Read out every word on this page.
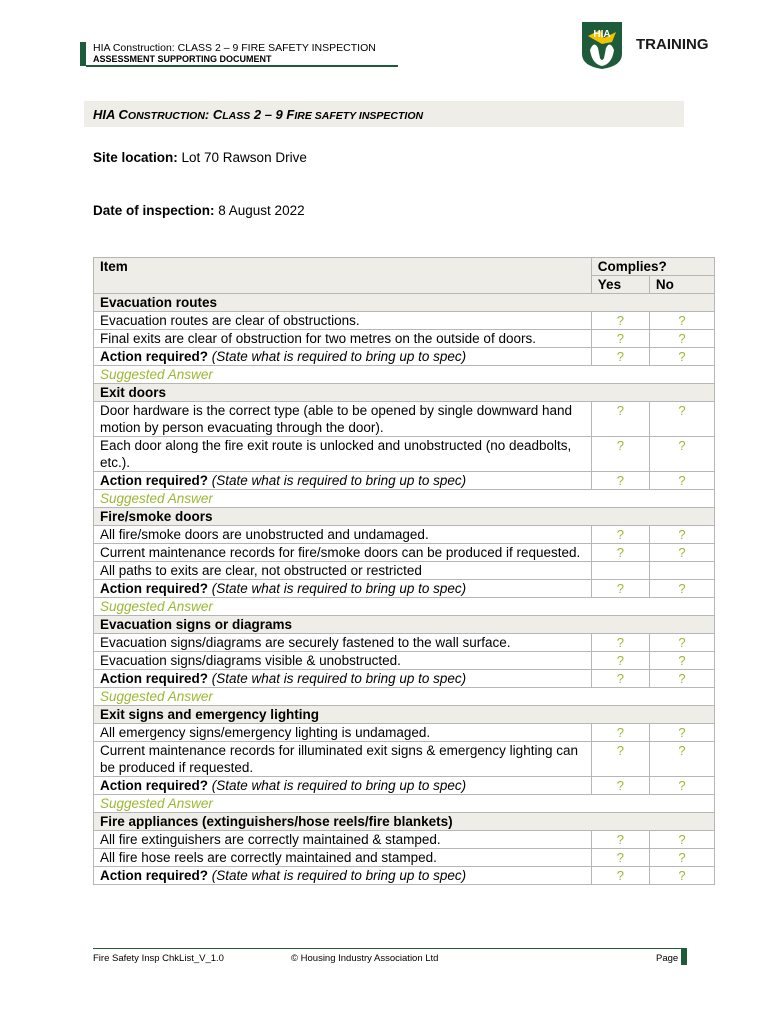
HIA Construction: CLASS 2 – 9 FIRE SAFETY INSPECTION
ASSESSMENT SUPPORTING DOCUMENT
HIA
TRAINING
HIA CONSTRUCTION: CLASS 2 – 9 FIRE SAFETY INSPECTION
Site location: Lot 70 Rawson Drive
Date of inspection: 8 August 2022
Item	Complies?	
	Yes	No
Evacuation routes		
Evacuation routes are clear of obstructions.	?	?
Final exits are clear of obstruction for two metres on the outside of doors.	?	?
Action required? (State what is required to bring up to spec)	?	?
Suggested Answer		
Exit doors		
Door hardware is the correct type (able to be opened by single downward hand motion by person evacuating through the door).	?	?
Each door along the fire exit route is unlocked and unobstructed (no deadbolts, etc.).	?	?
Action required? (State what is required to bring up to spec)	?	?
Suggested Answer		
Fire/smoke doors		
All fire/smoke doors are unobstructed and undamaged.	?	?
Current maintenance records for fire/smoke doors can be produced if requested.	?	?
All paths to exits are clear, not obstructed or restricted		
Action required? (State what is required to bring up to spec)	?	?
Suggested Answer		
Evacuation signs or diagrams		
Evacuation signs/diagrams are securely fastened to the wall surface.	?	?
Evacuation signs/diagrams visible & unobstructed.	?	?
Action required? (State what is required to bring up to spec)	?	?
Suggested Answer		
Exit signs and emergency lighting		
All emergency signs/emergency lighting is undamaged.	?	?
Current maintenance records for illuminated exit signs & emergency lighting can be produced if requested.	?	?
Action required? (State what is required to bring up to spec)	?	?
Suggested Answer		
Fire appliances (extinguishers/hose reels/fire blankets)		
All fire extinguishers are correctly maintained & stamped.	?	?
All fire hose reels are correctly maintained and stamped.	?	?
Action required? (State what is required to bring up to spec)	?	?
Fire Safety Insp ChkList_V_1.0	© Housing Industry Association Ltd	Page
